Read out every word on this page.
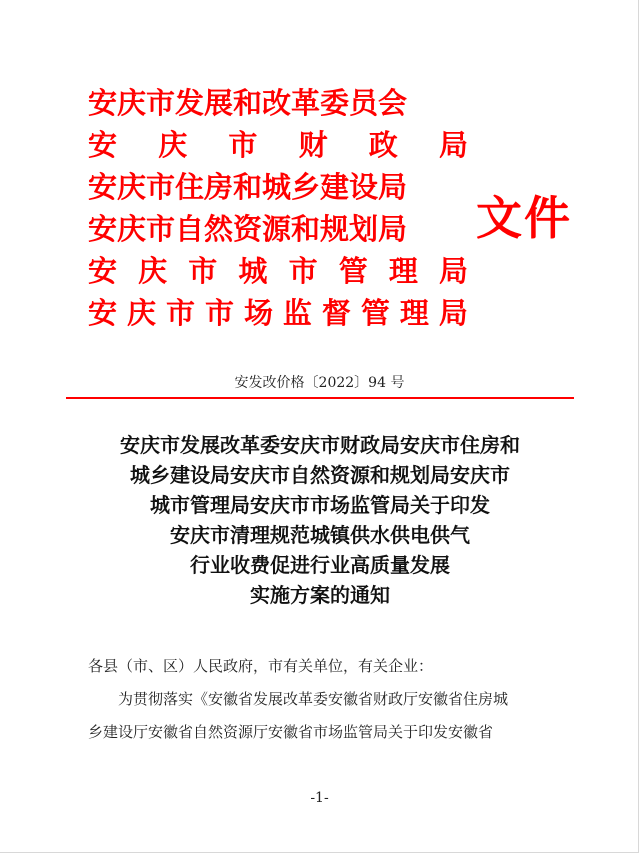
安庆市发展和改革委员会
安 庆 市 财 政 局
安庆市住房和城乡建设局
安庆市自然资源和规划局
安 庆 市 城 市 管 理 局
安 庆 市 市 场 监 督 管 理 局
文件
安发改价格〔2022〕94 号
安庆市发展改革委安庆市财政局安庆市住房和
城乡建设局安庆市自然资源和规划局安庆市
城市管理局安庆市市场监管局关于印发
安庆市清理规范城镇供水供电供气
行业收费促进行业高质量发展
实施方案的通知
各县（市、区）人民政府，市有关单位，有关企业：
为贯彻落实《安徽省发展改革委安徽省财政厅安徽省住房城
乡建设厅安徽省自然资源厅安徽省市场监管局关于印发安徽省
-1-
